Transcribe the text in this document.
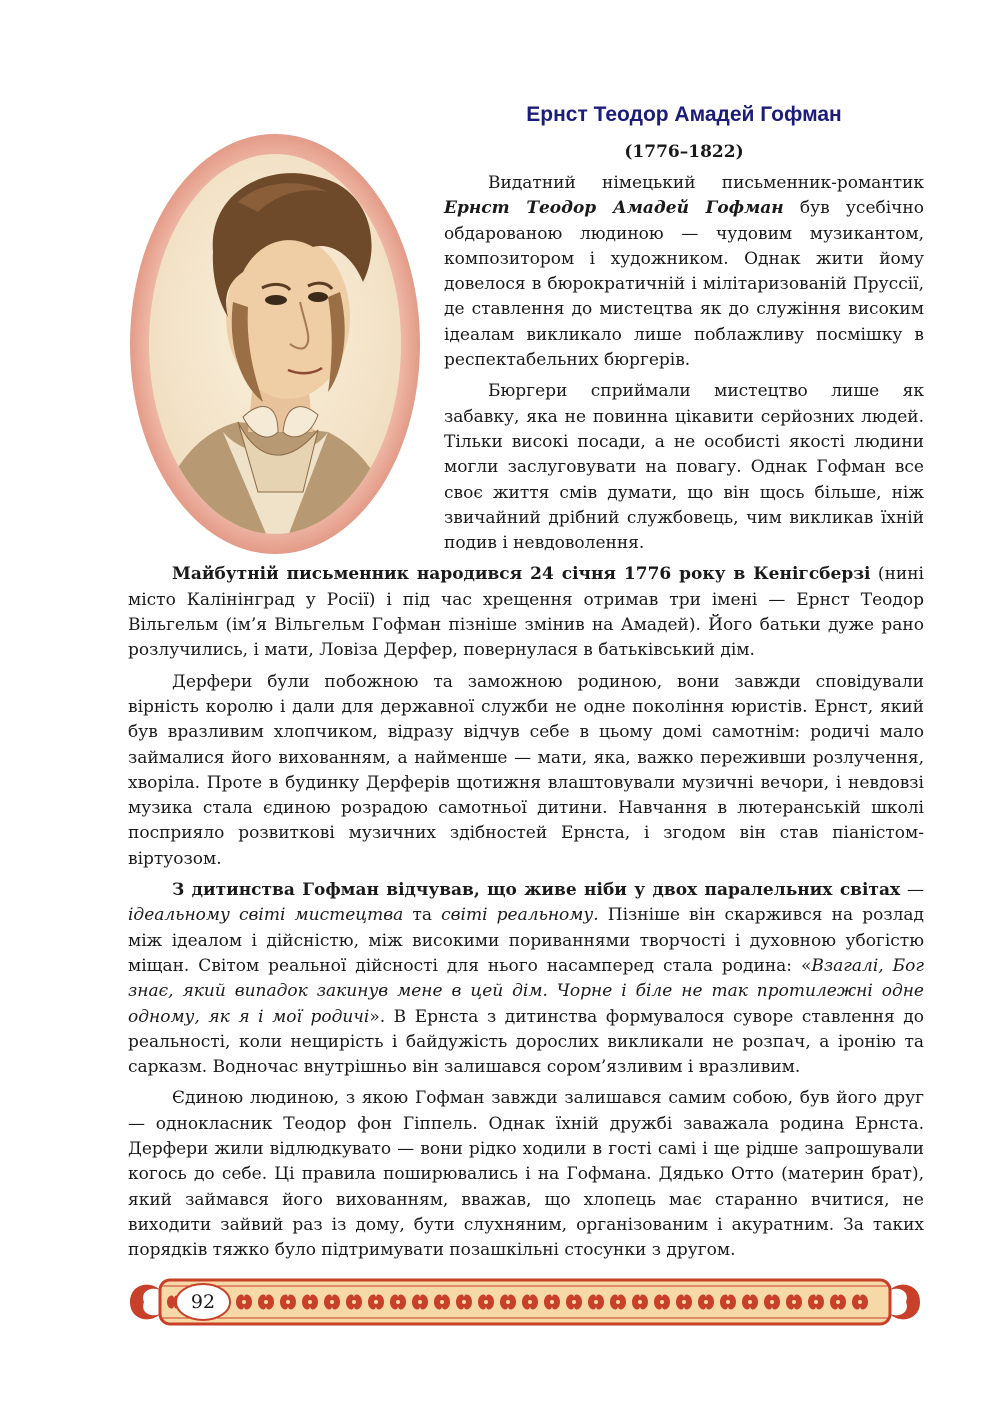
Ернст Теодор Амадей Гофман
(1776–1822)

Видатний німецький письменник-романтик Ернст Теодор Амадей Гофман був усебічно обдарованою людиною — чудовим музикантом, композитором і художником. Однак жити йому довелося в бюрократичній і мілітаризованій Пруссії, де ставлення до мистецтва як до служіння високим ідеалам викликало лише поблажливу посмішку в респектабельних бюргерів.

Бюргери сприймали мистецтво лише як забавку, яка не повинна цікавити серйозних людей. Тільки високі посади, а не особисті якості людини могли заслуговувати на повагу. Однак Гофман все своє життя смів думати, що він щось більше, ніж звичайний дрібний службовець, чим викликав їхній подив і невдоволення.

Майбутній письменник народився 24 січня 1776 року в Кенігсберзі (нині місто Калінінград у Росії) і під час хрещення отримав три імені — Ернст Теодор Вільгельм (ім’я Вільгельм Гофман пізніше змінив на Амадей). Його батьки дуже рано розлучились, і мати, Ловіза Дерфер, повернулася в батьківський дім.

Дерфери були побожною та заможною родиною, вони завжди сповідували вірність королю і дали для державної служби не одне покоління юристів. Ернст, який був вразливим хлопчиком, відразу відчув себе в цьому домі самотнім: родичі мало займалися його вихованням, а найменше — мати, яка, важко переживши розлучення, хворіла. Проте в будинку Дерферів щотижня влаштовували музичні вечори, і невдовзі музика стала єдиною розрадою самотньої дитини. Навчання в лютеранській школі посприяло розвиткові музичних здібностей Ернста, і згодом він став піаністом-віртуозом.

З дитинства Гофман відчував, що живе ніби у двох паралельних світах — ідеальному світі мистецтва та світі реальному. Пізніше він скаржився на розлад між ідеалом і дійсністю, між високими пориваннями творчості і духовною убогістю міщан. Світом реальної дійсності для нього насамперед стала родина: «Взагалі, Бог знає, який випадок закинув мене в цей дім. Чорне і біле не так протилежні одне одному, як я і мої родичі». В Ернста з дитинства формувалося суворе ставлення до реальності, коли нещирість і байдужість дорослих викликали не розпач, а іронію та сарказм. Водночас внутрішньо він залишався сором’язливим і вразливим.

Єдиною людиною, з якою Гофман завжди залишався самим собою, був його друг — однокласник Теодор фон Гіппель. Однак їхній дружбі заважала родина Ернста. Дерфери жили відлюдкувато — вони рідко ходили в гості самі і ще рідше запрошували когось до себе. Ці правила поширювались і на Гофмана. Дядько Отто (материн брат), який займався його вихованням, вважав, що хлопець має старанно вчитися, не виходити зайвий раз із дому, бути слухняним, організованим і акуратним. За таких порядків тяжко було підтримувати позашкільні стосунки з другом.

92
